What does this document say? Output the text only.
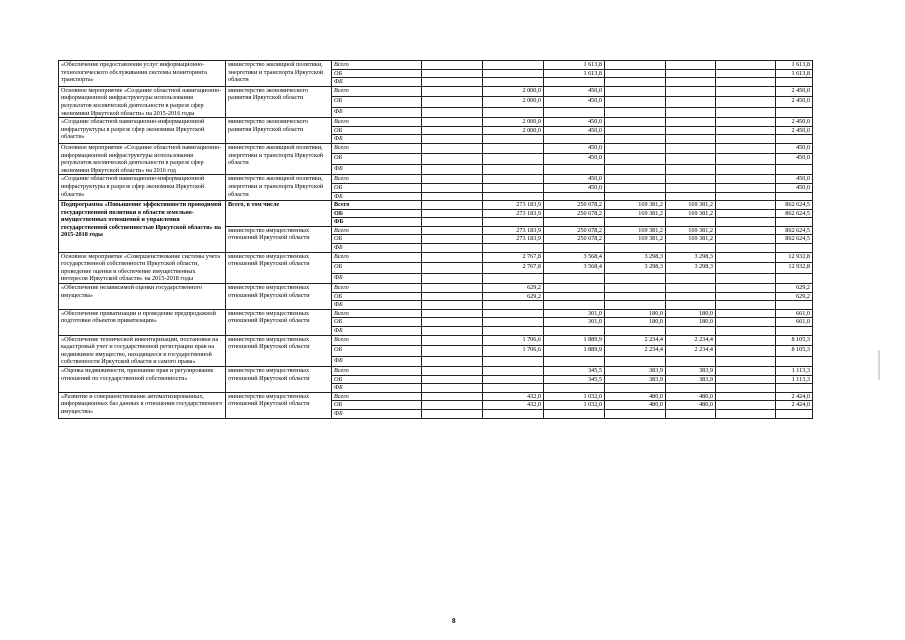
«Обеспечение предоставления услуг информационно-технологического обслуживания системы мониторинга транспорта»	министерство жилищной политики, энергетики и транспорта Иркутской области	Всего			1 613,8				1 613,8	
		ОБ			1 613,8				1 613,8	
		ФБ								
Основное мероприятие «Создание областной навигационно-информационной инфраструктуры использования результатов космической деятельности в разрезе сфер экономики Иркутской области» на 2015-2016 годы	министерство экономического развития Иркутской области	Всего		2 000,0	450,0				2 450,0	
		ОБ		2 000,0	450,0				2 450,0	
		ФБ								
«Создание областной навигационно-информационной инфраструктуры в разрезе сфер экономики Иркутской области»	министерство экономического развития Иркутской области	Всего		2 000,0	450,0				2 450,0	
		ОБ		2 000,0	450,0				2 450,0	
		ФБ								
Основное мероприятие «Создание областной навигационно-информационной инфраструктуры использования результатов космической деятельности в разрезе сфер экономики Иркутской области» на 2016 год	министерство жилищной политики, энергетики и транспорта Иркутской области	Всего			450,0				450,0	
		ОБ			450,0				450,0	
		ФБ								
«Создание областной навигационно-информационной инфраструктуры в разрезе сфер экономики Иркутской области»	министерство жилищной политики, энергетики и транспорта Иркутской области	Всего			450,0				450,0	
		ОБ			450,0				450,0	
		ФБ								
Подпрограмма «Повышение эффективности проводимой государственной политики в области земельно-имущественных отношений и управления государственной собственностью Иркутской области» на 2015-2018 годы	Всего, в том числе	Всего		273 183,9	250 678,2	169 381,2	169 381,2		862 624,5	
		ОБ		273 183,9	250 678,2	169 381,2	169 381,2		862 624,5	
		ФБ								
	министерство имущественных отношений Иркутской области	Всего		273 183,9	250 678,2	169 381,2	169 381,2		862 624,5	
		ОБ		273 183,9	250 678,2	169 381,2	169 381,2		862 624,5	
		ФБ								
Основное мероприятие «Совершенствование системы учета государственной собственности Иркутской области, проведение оценки и обеспечение имущественных интересов Иркутской области» на 2015-2018 годы	министерство имущественных отношений Иркутской области	Всего		2 767,8	3 568,4	3 298,3	3 298,3		12 932,8	
		ОБ		2 767,8	3 568,4	3 298,3	3 298,3		12 932,8	
		ФБ								
«Обеспечение независимой оценки государственного имущества»	министерство имущественных отношений Иркутской области	Всего		629,2					629,2	
		ОБ		629,2					629,2	
		ФБ								
«Обеспечение приватизации и проведение предпродажной подготовки объектов приватизации»	министерство имущественных отношений Иркутской области	Всего			301,0	180,0	180,0		661,0	
		ОБ			301,0	180,0	180,0		661,0	
		ФБ								
«Обеспечение технической инвентаризации, постановки на кадастровый учет и государственной регистрации прав на недвижимое имущество, находящееся в государственной собственности Иркутской области и самого права»	министерство имущественных отношений Иркутской области	Всего		1 706,6	1 889,9	2 234,4	2 234,4		8 105,3	
		ОБ		1 706,6	1 889,9	2 234,4	2 234,4		8 105,3	
		ФБ								
«Оценка недвижимости, признание прав и регулирование отношений по государственной собственности»	министерство имущественных отношений Иркутской области	Всего			345,5	383,9	383,9		1 113,3	
		ОБ			345,5	383,9	383,9		1 113,3	
		ФБ								
«Развитие и совершенствование автоматизированных, информационных баз данных в отношении государственного имущества»	министерство имущественных отношений Иркутской области	Всего		432,0	1 032,0	480,0	480,0		2 424,0	
		ОБ		432,0	1 032,0	480,0	480,0		2 424,0	
		ФБ								
8
